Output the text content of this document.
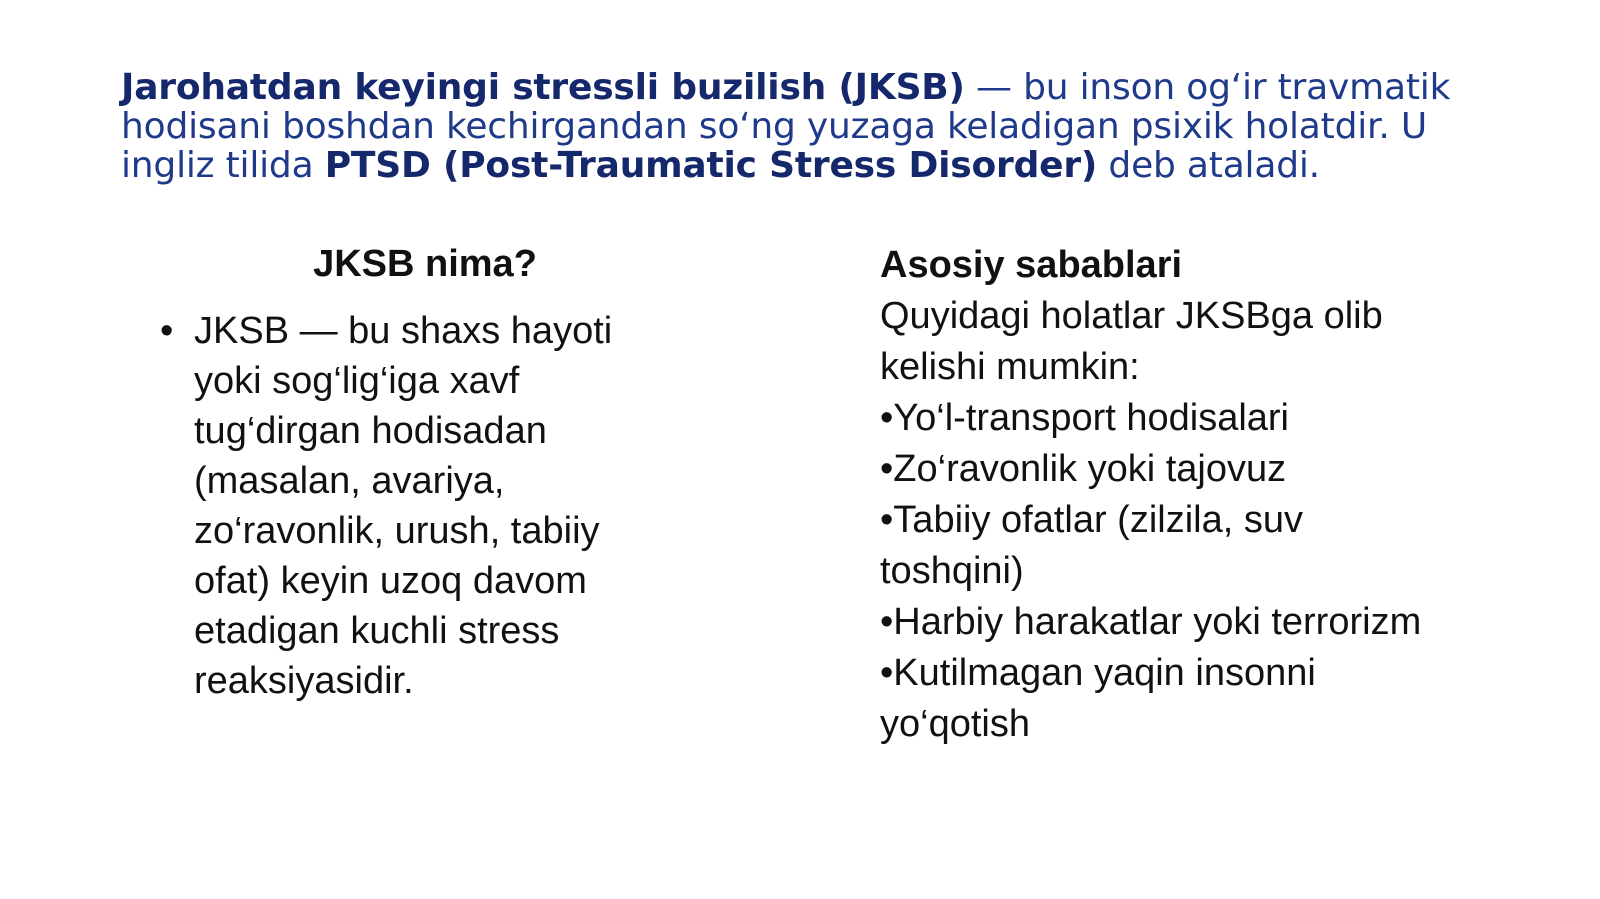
Jarohatdan keyingi stressli buzilish (JKSB) — bu inson og‘ir travmatik hodisani boshdan kechirgandan so‘ng yuzaga keladigan psixik holatdir. U ingliz tilida PTSD (Post-Traumatic Stress Disorder) deb ataladi.
JKSB nima?
• JKSB — bu shaxs hayoti yoki sog‘lig‘iga xavf tug‘dirgan hodisadan (masalan, avariya, zo‘ravonlik, urush, tabiiy ofat) keyin uzoq davom etadigan kuchli stress reaksiyasidir.
Asosiy sabablari

Quyidagi holatlar JKSBga olib kelishi mumkin:

•Yo‘l-transport hodisalari
•Zo‘ravonlik yoki tajovuz
•Tabiiy ofatlar (zilzila, suv toshqini)
•Harbiy harakatlar yoki terrorizm
•Kutilmagan yaqin insonni yo‘qotish
